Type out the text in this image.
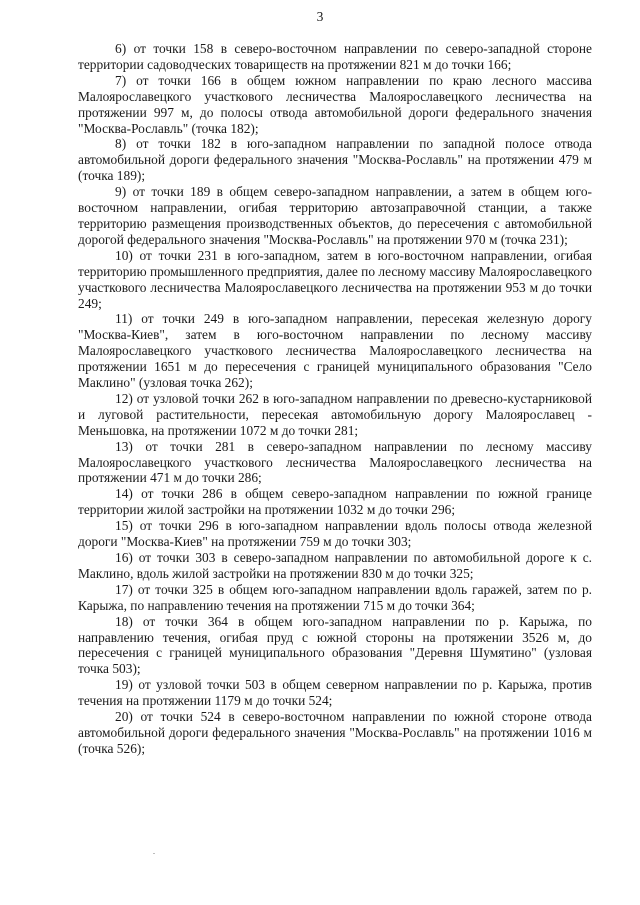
3

6) от точки 158 в северо-восточном направлении по северо-западной стороне территории садоводческих товариществ на протяжении 821 м до точки 166;

7) от точки 166 в общем южном направлении по краю лесного массива Малоярославецкого участкового лесничества Малоярославецкого лесничества на протяжении 997 м, до полосы отвода автомобильной дороги федерального значения "Москва-Рославль" (точка 182);

8) от точки 182 в юго-западном направлении по западной полосе отвода автомобильной дороги федерального значения "Москва-Рославль" на протяжении 479 м (точка 189);

9) от точки 189 в общем северо-западном направлении, а затем в общем юго-восточном направлении, огибая территорию автозаправочной станции, а также территорию размещения производственных объектов, до пересечения с автомобильной дорогой федерального значения "Москва-Рославль" на протяжении 970 м (точка 231);

10) от точки 231 в юго-западном, затем в юго-восточном направлении, огибая территорию промышленного предприятия, далее по лесному массиву Малоярославецкого участкового лесничества Малоярославецкого лесничества на протяжении 953 м до точки 249;

11) от точки 249 в юго-западном направлении, пересекая железную дорогу "Москва-Киев", затем в юго-восточном направлении по лесному массиву Малоярославецкого участкового лесничества Малоярославецкого лесничества на протяжении 1651 м до пересечения с границей муниципального образования "Село Маклино" (узловая точка 262);

12) от узловой точки 262 в юго-западном направлении по древесно-кустарниковой и луговой растительности, пересекая автомобильную дорогу Малоярославец - Меньшовка, на протяжении 1072 м до точки 281;

13) от точки 281 в северо-западном направлении по лесному массиву Малоярославецкого участкового лесничества Малоярославецкого лесничества на протяжении 471 м до точки 286;

14) от точки 286 в общем северо-западном направлении по южной границе территории жилой застройки на протяжении 1032 м до точки 296;

15) от точки 296 в юго-западном направлении вдоль полосы отвода железной дороги "Москва-Киев" на протяжении 759 м до точки 303;

16) от точки 303 в северо-западном направлении по автомобильной дороге к с. Маклино, вдоль жилой застройки на протяжении 830 м до точки 325;

17) от точки 325 в общем юго-западном направлении вдоль гаражей, затем по р. Карыжа, по направлению течения на протяжении 715 м до точки 364;

18) от точки 364 в общем юго-западном направлении по р. Карыжа, по направлению течения, огибая пруд с южной стороны на протяжении 3526 м, до пересечения с границей муниципального образования "Деревня Шумятино" (узловая точка 503);

19) от узловой точки 503 в общем северном направлении по р. Карыжа, против течения на протяжении 1179 м до точки 524;

20) от точки 524 в северо-восточном направлении по южной стороне отвода автомобильной дороги федерального значения "Москва-Рославль" на протяжении 1016 м (точка 526);
